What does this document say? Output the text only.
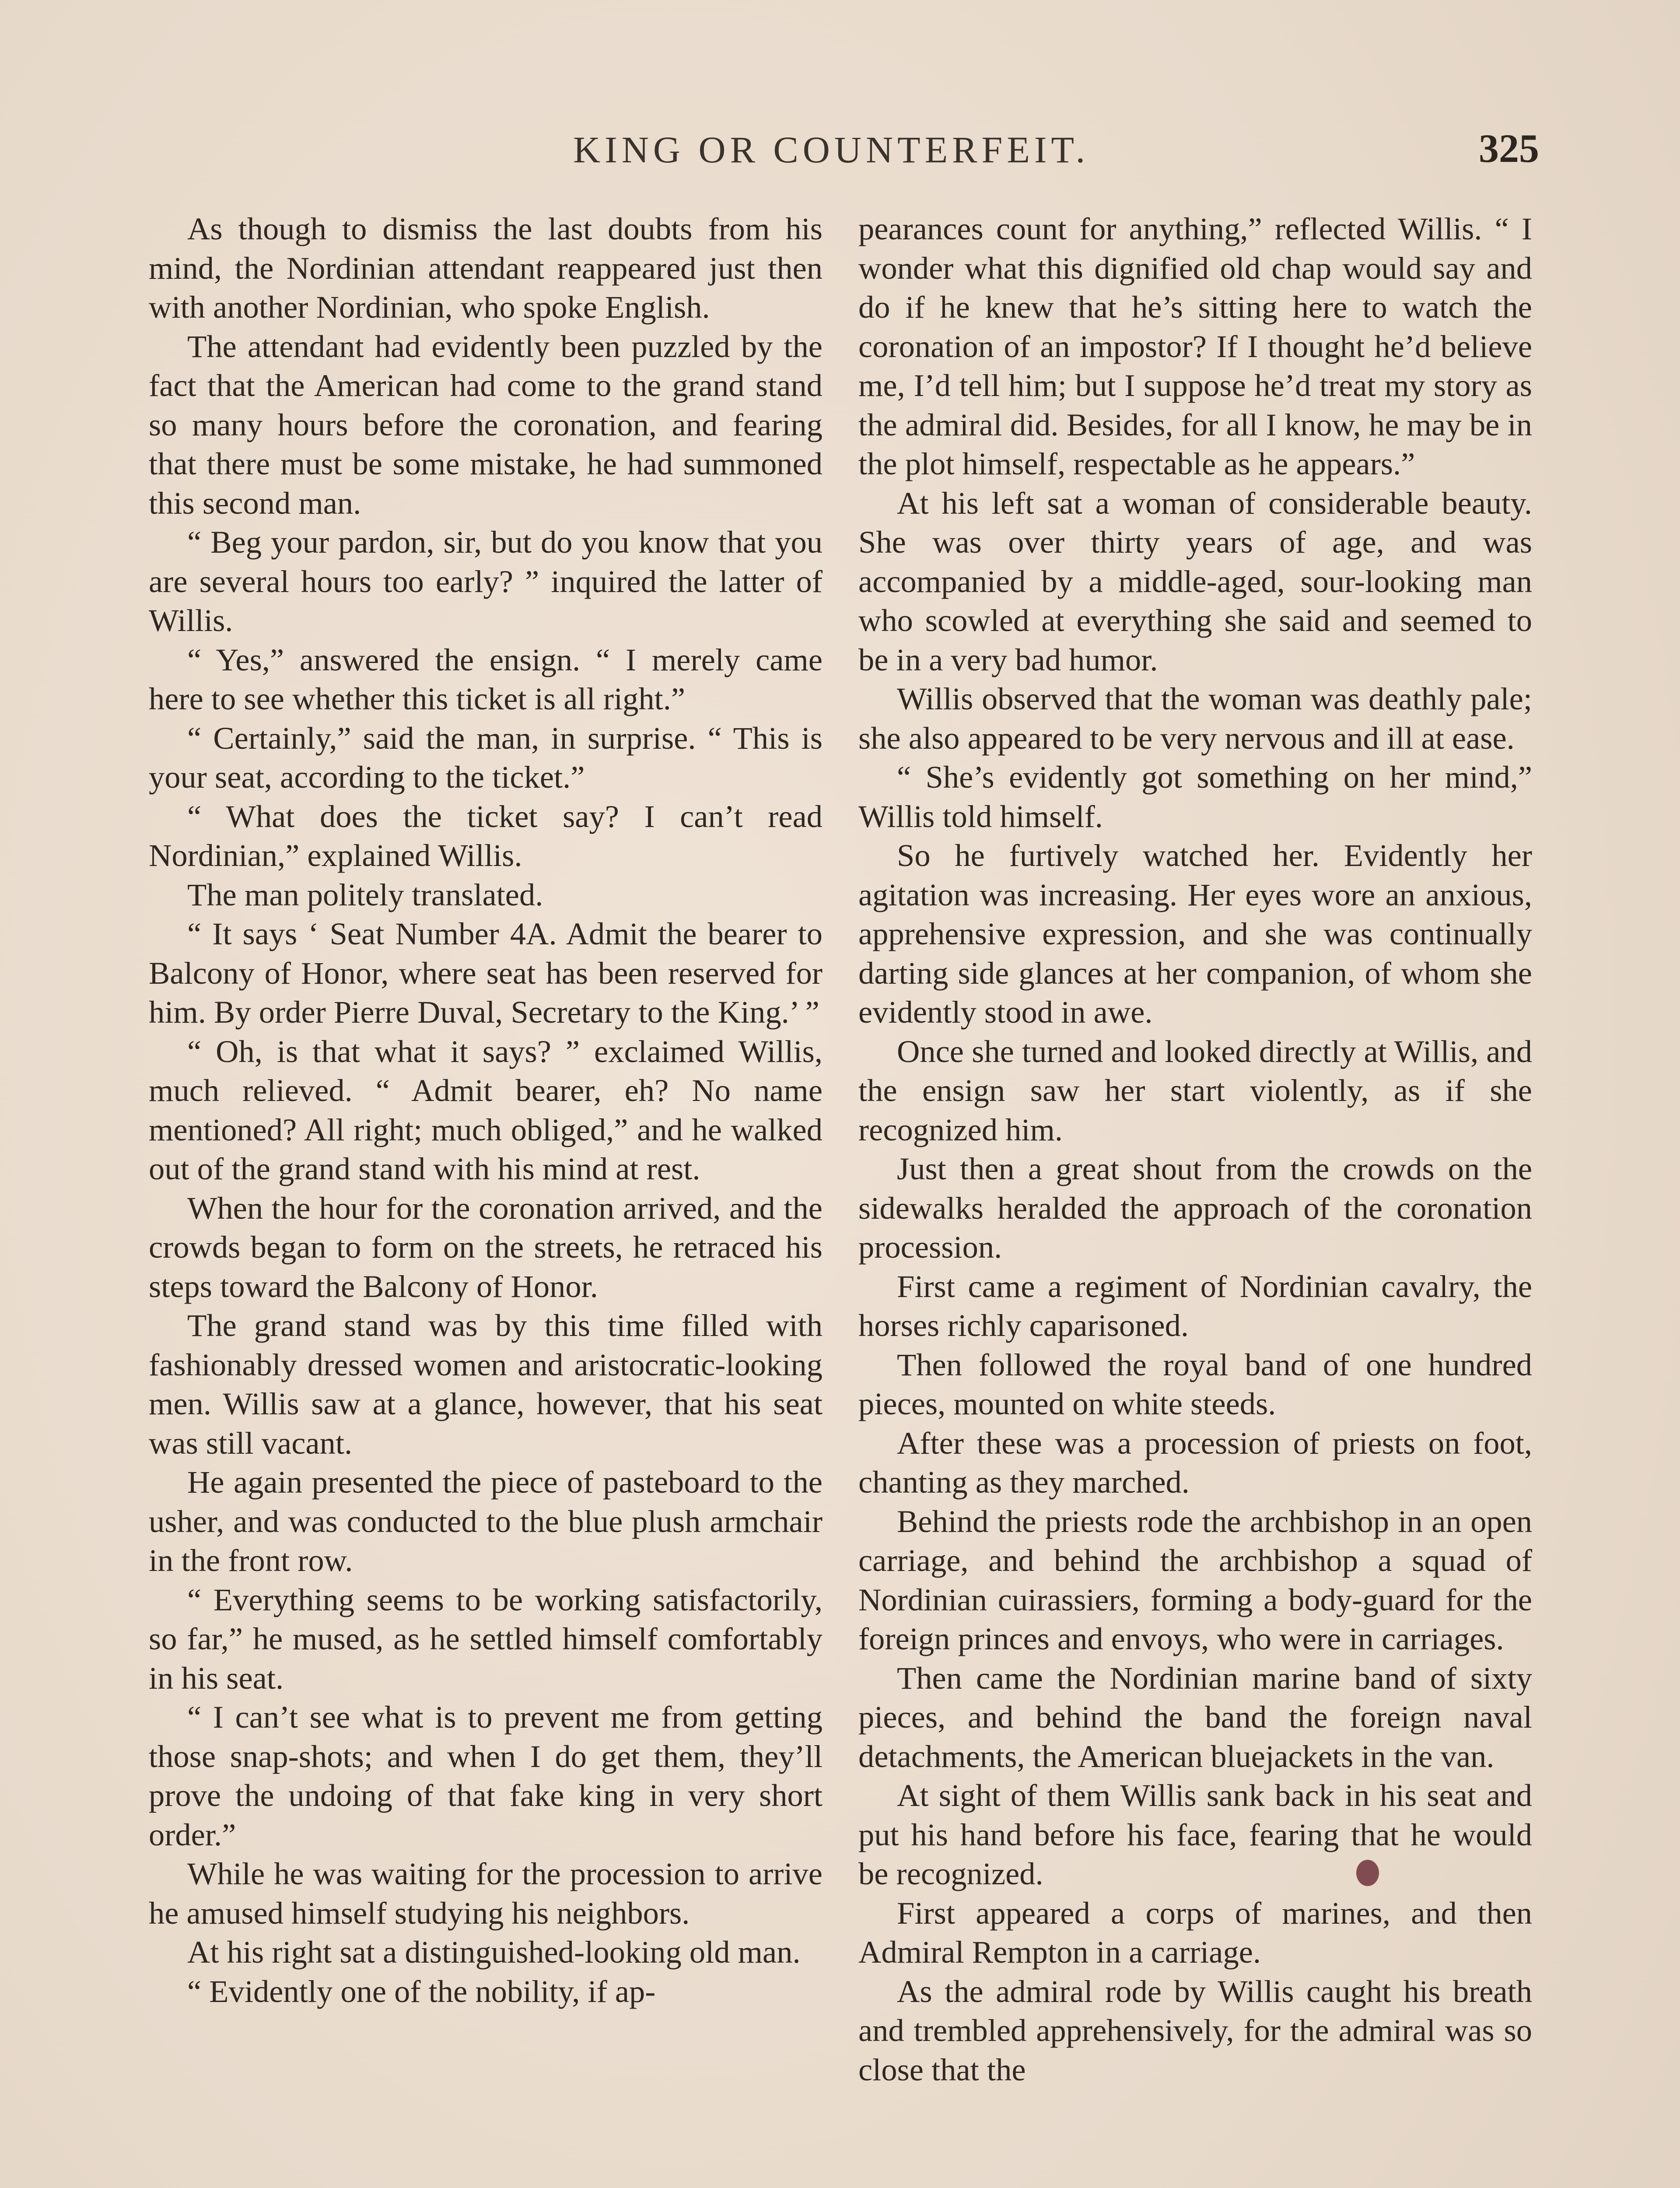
KING OR COUNTERFEIT.	325

As though to dismiss the last doubts from his mind, the Nordinian attendant reappeared just then with another Nordinian, who spoke English.

The attendant had evidently been puzzled by the fact that the American had come to the grand stand so many hours before the coronation, and fearing that there must be some mistake, he had summoned this second man.

“ Beg your pardon, sir, but do you know that you are several hours too early? ” inquired the latter of Willis.

“ Yes,” answered the ensign. “ I merely came here to see whether this ticket is all right.”

“ Certainly,” said the man, in surprise. “ This is your seat, according to the ticket.”

“ What does the ticket say? I can’t read Nordinian,” explained Willis.

The man politely translated.

“ It says ‘ Seat Number 4A. Admit the bearer to Balcony of Honor, where seat has been reserved for him. By order Pierre Duval, Secretary to the King.’ ”

“ Oh, is that what it says? ” exclaimed Willis, much relieved. “ Admit bearer, eh? No name mentioned? All right; much obliged,” and he walked out of the grand stand with his mind at rest.

When the hour for the coronation arrived, and the crowds began to form on the streets, he retraced his steps toward the Balcony of Honor.

The grand stand was by this time filled with fashionably dressed women and aristocratic-looking men. Willis saw at a glance, however, that his seat was still vacant.

He again presented the piece of pasteboard to the usher, and was conducted to the blue plush armchair in the front row.

“ Everything seems to be working satisfactorily, so far,” he mused, as he settled himself comfortably in his seat.

“ I can’t see what is to prevent me from getting those snap-shots; and when I do get them, they’ll prove the undoing of that fake king in very short order.”

While he was waiting for the procession to arrive he amused himself studying his neighbors.

At his right sat a distinguished-looking old man.

“ Evidently one of the nobility, if ap-

pearances count for anything,” reflected Willis. “ I wonder what this dignified old chap would say and do if he knew that he’s sitting here to watch the coronation of an impostor? If I thought he’d believe me, I’d tell him; but I suppose he’d treat my story as the admiral did. Besides, for all I know, he may be in the plot himself, respectable as he appears.”

At his left sat a woman of considerable beauty. She was over thirty years of age, and was accompanied by a middle-aged, sour-looking man who scowled at everything she said and seemed to be in a very bad humor.

Willis observed that the woman was deathly pale; she also appeared to be very nervous and ill at ease.

“ She’s evidently got something on her mind,” Willis told himself.

So he furtively watched her. Evidently her agitation was increasing. Her eyes wore an anxious, apprehensive expression, and she was continually darting side glances at her companion, of whom she evidently stood in awe.

Once she turned and looked directly at Willis, and the ensign saw her start violently, as if she recognized him.

Just then a great shout from the crowds on the sidewalks heralded the approach of the coronation procession.

First came a regiment of Nordinian cavalry, the horses richly caparisoned.

Then followed the royal band of one hundred pieces, mounted on white steeds.

After these was a procession of priests on foot, chanting as they marched.

Behind the priests rode the archbishop in an open carriage, and behind the archbishop a squad of Nordinian cuirassiers, forming a body-guard for the foreign princes and envoys, who were in carriages.

Then came the Nordinian marine band of sixty pieces, and behind the band the foreign naval detachments, the American bluejackets in the van.

At sight of them Willis sank back in his seat and put his hand before his face, fearing that he would be recognized.

First appeared a corps of marines, and then Admiral Rempton in a carriage.

As the admiral rode by Willis caught his breath and trembled apprehensively, for the admiral was so close that the
